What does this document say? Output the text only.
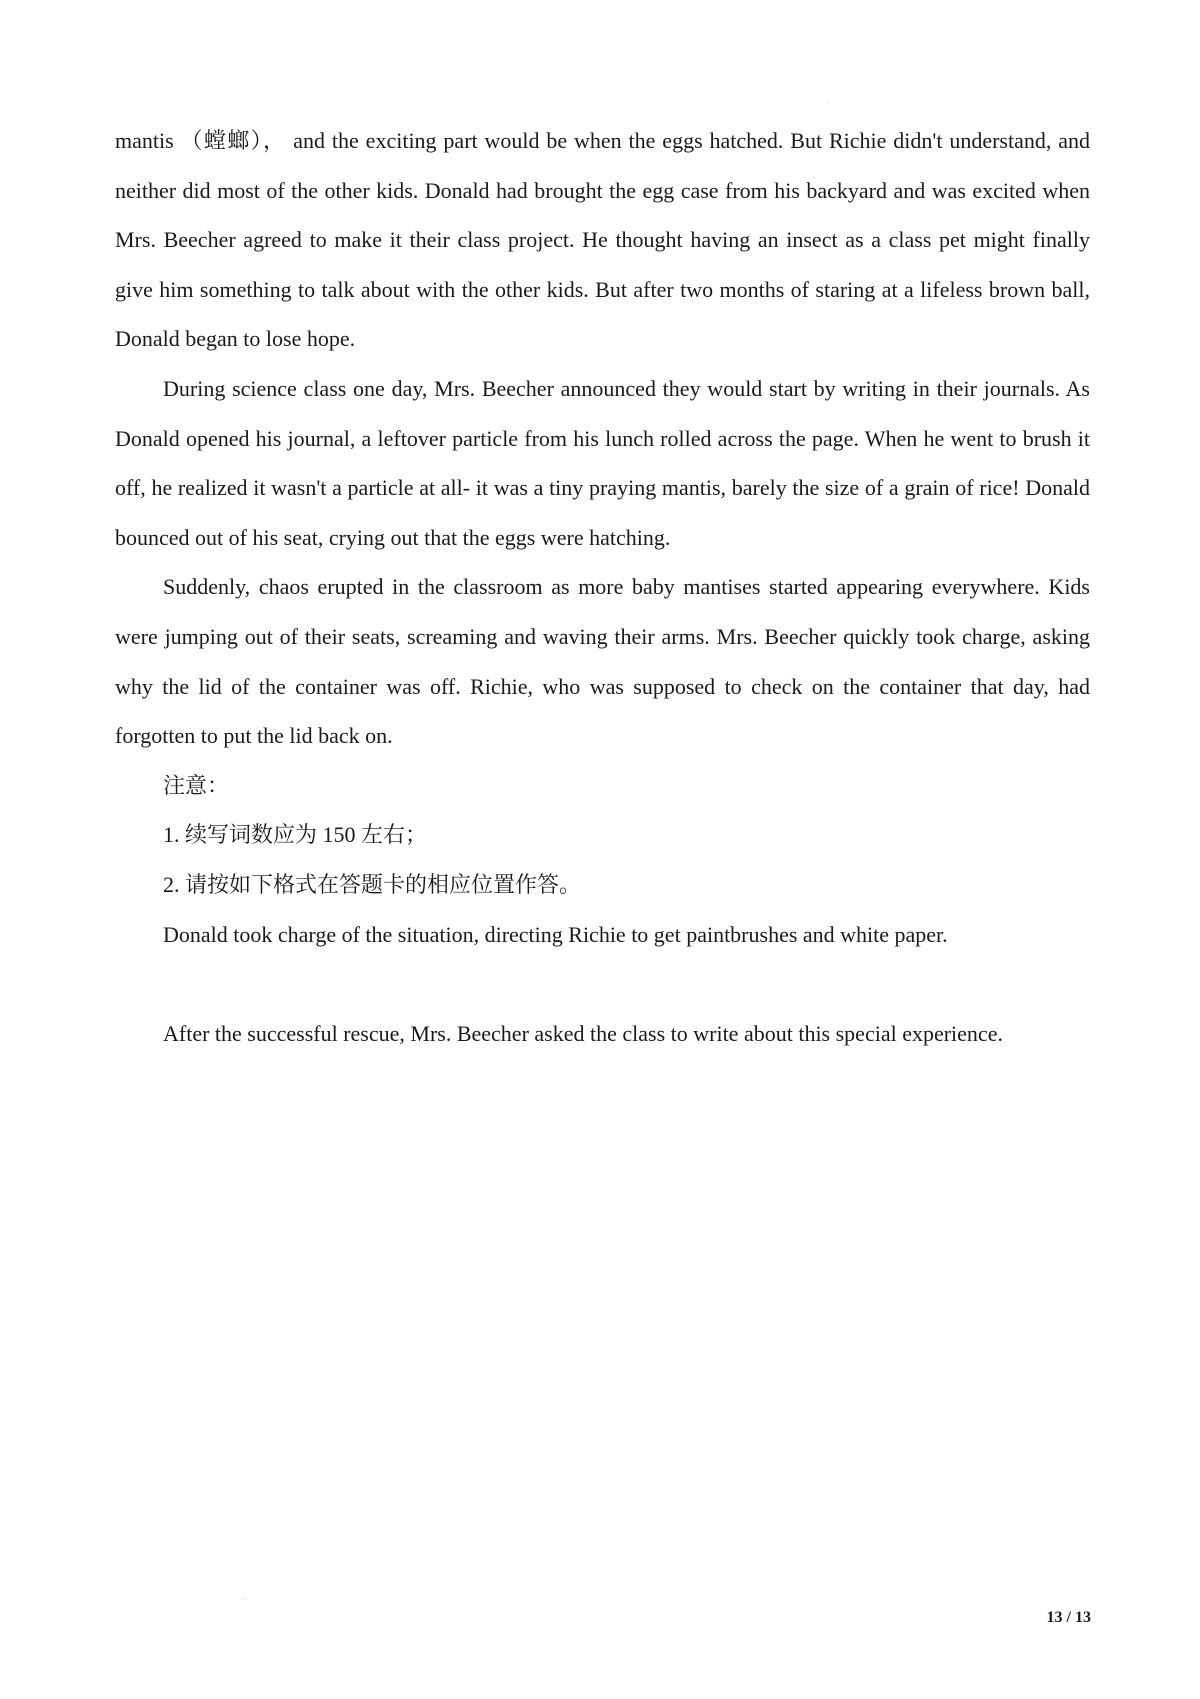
mantis （螳螂）， and the exciting part would be when the eggs hatched. But Richie didn't understand, and neither did most of the other kids. Donald had brought the egg case from his backyard and was excited when Mrs. Beecher agreed to make it their class project. He thought having an insect as a class pet might finally give him something to talk about with the other kids. But after two months of staring at a lifeless brown ball, Donald began to lose hope.

During science class one day, Mrs. Beecher announced they would start by writing in their journals. As Donald opened his journal, a leftover particle from his lunch rolled across the page. When he went to brush it off, he realized it wasn't a particle at all- it was a tiny praying mantis, barely the size of a grain of rice! Donald bounced out of his seat, crying out that the eggs were hatching.

Suddenly, chaos erupted in the classroom as more baby mantises started appearing everywhere. Kids were jumping out of their seats, screaming and waving their arms. Mrs. Beecher quickly took charge, asking why the lid of the container was off. Richie, who was supposed to check on the container that day, had forgotten to put the lid back on.

注意：

1. 续写词数应为 150 左右；

2. 请按如下格式在答题卡的相应位置作答。

Donald took charge of the situation, directing Richie to get paintbrushes and white paper.

After the successful rescue, Mrs. Beecher asked the class to write about this special experience.

13 / 13
